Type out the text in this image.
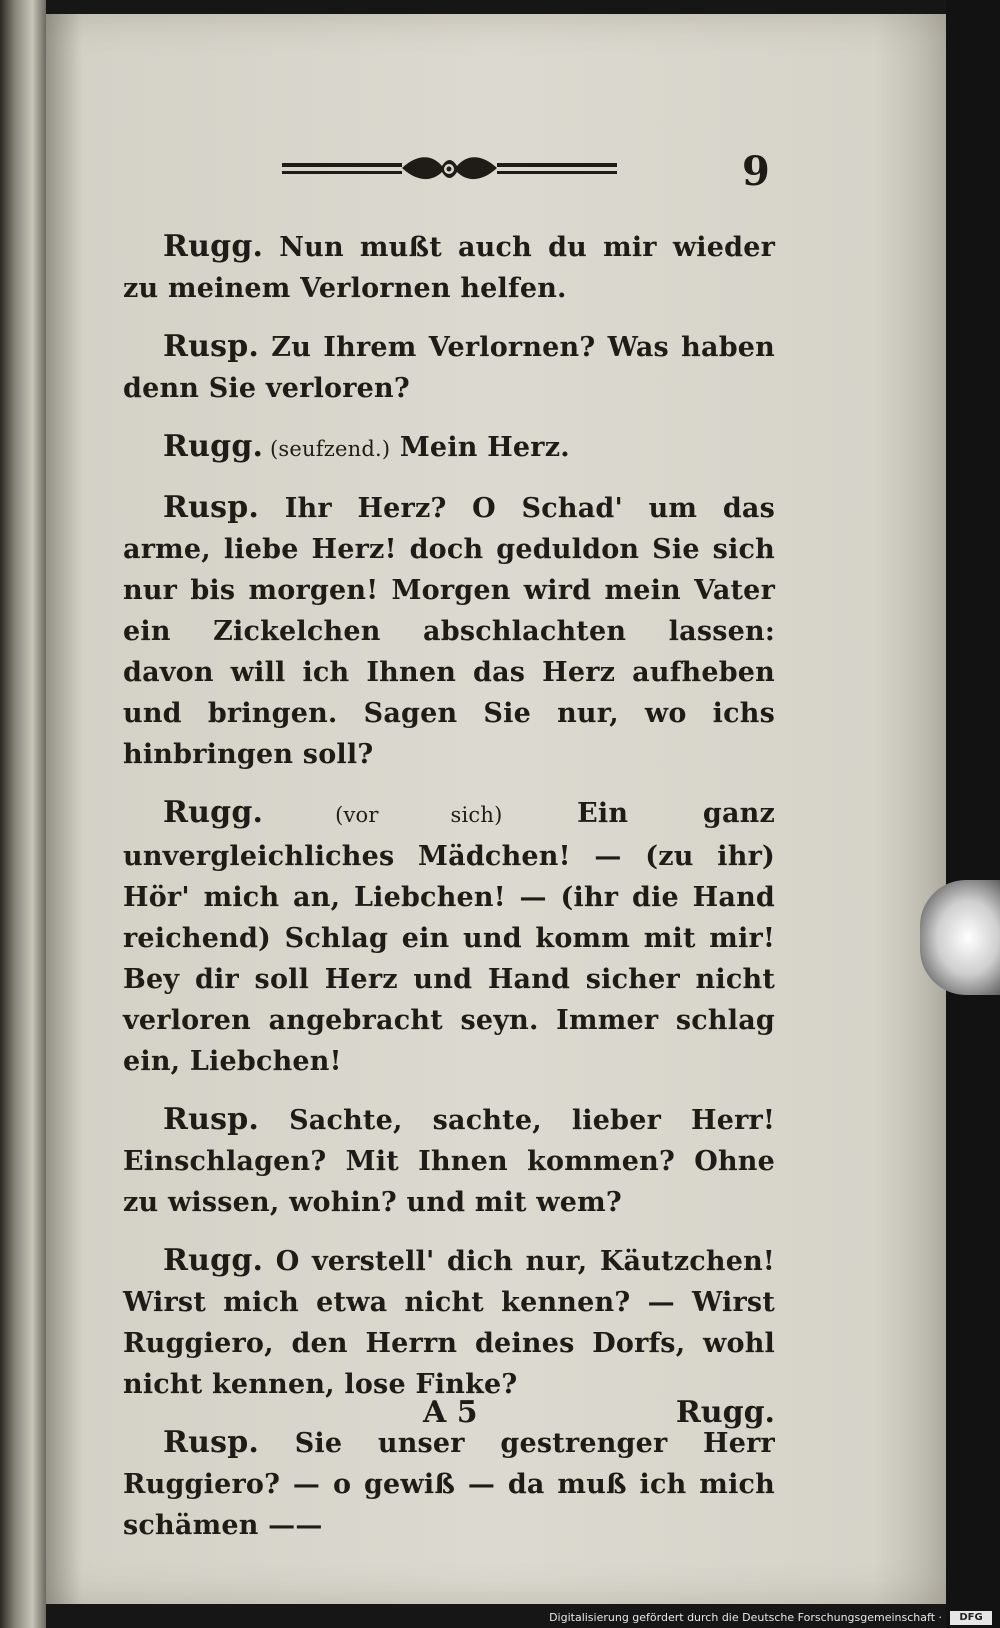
9

Rugg. Nun mußt auch du mir wieder zu meinem Verlornen helfen.

Rusp. Zu Ihrem Verlornen? Was haben denn Sie verloren?

Rugg. (seufzend.) Mein Herz.

Rusp. Ihr Herz? O Schad' um das arme, liebe Herz! doch geduldon Sie sich nur bis morgen! Morgen wird mein Vater ein Zickelchen abschlachten lassen: davon will ich Ihnen das Herz aufheben und bringen. Sagen Sie nur, wo ichs hinbringen soll?

Rugg. (vor sich) Ein ganz unvergleichliches Mädchen! — (zu ihr) Hör' mich an, Liebchen! — (ihr die Hand reichend) Schlag ein und komm mit mir! Bey dir soll Herz und Hand sicher nicht verloren angebracht seyn. Immer schlag ein, Liebchen!

Rusp. Sachte, sachte, lieber Herr! Einschlagen? Mit Ihnen kommen? Ohne zu wissen, wohin? und mit wem?

Rugg. O verstell' dich nur, Käutzchen! Wirst mich etwa nicht kennen? — Wirst Ruggiero, den Herrn deines Dorfs, wohl nicht kennen, lose Finke?

Rusp. Sie unser gestrenger Herr Ruggiero? — o gewiß — da muß ich mich schämen ——

A 5	Rugg.
Digitalisierung gefördert durch die Deutsche Forschungsgemeinschaft ·	DFG
